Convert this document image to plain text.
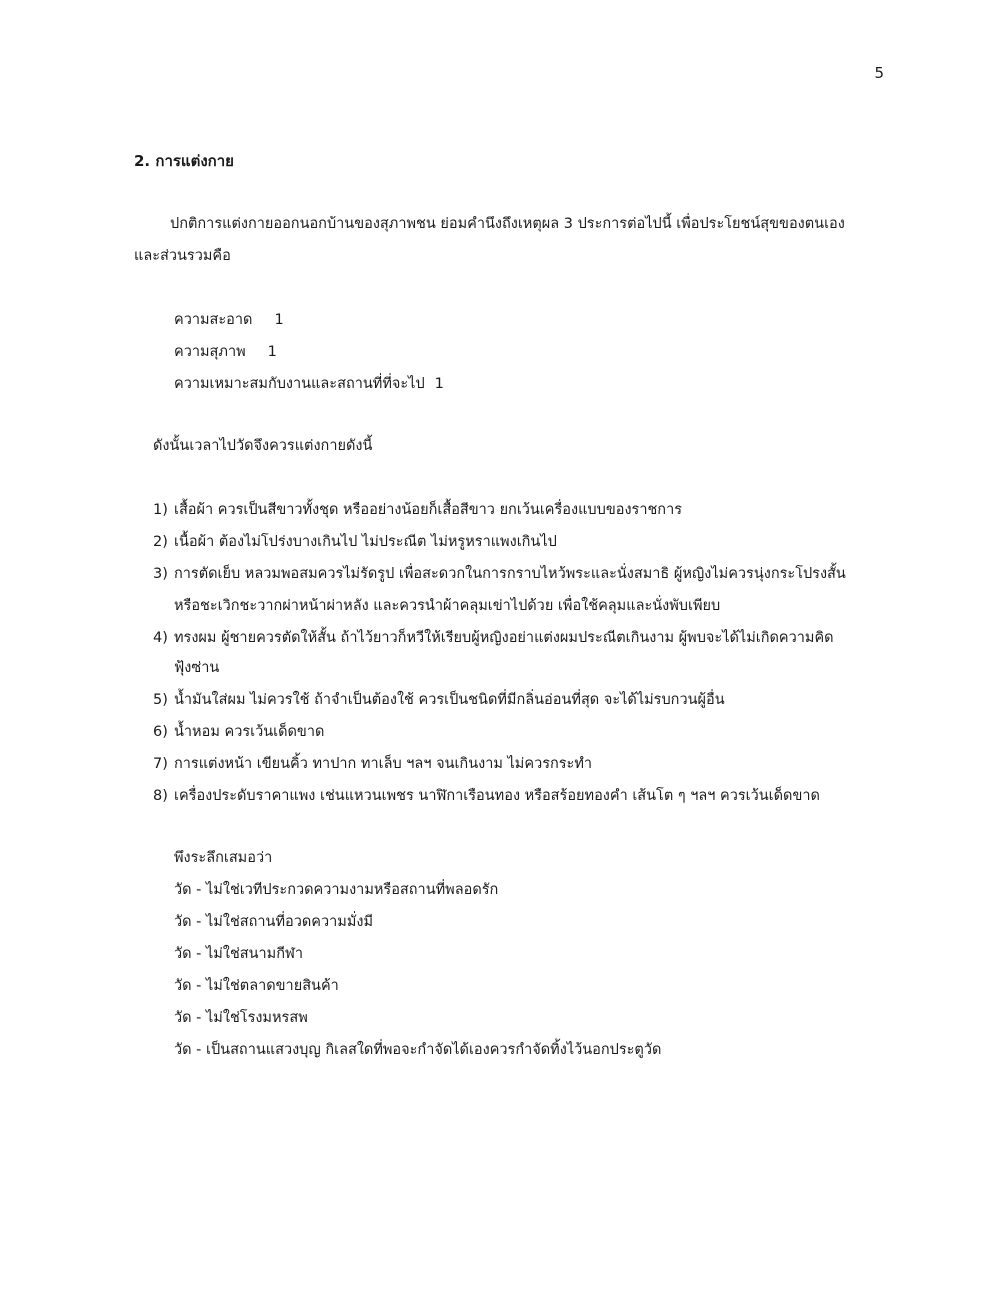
5
2. การแต่งกาย
ปกติการแต่งกายออกนอกบ้านของสุภาพชน ย่อมคำนึงถึงเหตุผล 3 ประการต่อไปนี้ เพื่อประโยชน์สุขของตนเอง
และส่วนรวมคือ
ความสะอาด 1
ความสุภาพ 1
ความเหมาะสมกับงานและสถานที่ที่จะไป 1
ดังนั้นเวลาไปวัดจึงควรแต่งกายดังนี้
1) เสื้อผ้า ควรเป็นสีขาวทั้งชุด หรืออย่างน้อยก็เสื้อสีขาว ยกเว้นเครื่องแบบของราชการ
2) เนื้อผ้า ต้องไม่โปร่งบางเกินไป ไม่ประณีต ไม่หรูหราแพงเกินไป
3) การตัดเย็บ หลวมพอสมควรไม่รัดรูป เพื่อสะดวกในการกราบไหว้พระและนั่งสมาธิ ผู้หญิงไม่ควรนุ่งกระโปรงสั้น
หรือชะเวิกชะวากผ่าหน้าผ่าหลัง และควรนำผ้าคลุมเข่าไปด้วย เพื่อใช้คลุมและนั่งพับเพียบ
4) ทรงผม ผู้ชายควรตัดให้สั้น ถ้าไว้ยาวก็หวีให้เรียบผู้หญิงอย่าแต่งผมประณีตเกินงาม ผู้พบจะได้ไม่เกิดความคิด
ฟุ้งซ่าน
5) น้ำมันใส่ผม ไม่ควรใช้ ถ้าจำเป็นต้องใช้ ควรเป็นชนิดที่มีกลิ่นอ่อนที่สุด จะได้ไม่รบกวนผู้อื่น
6) น้ำหอม ควรเว้นเด็ดขาด
7) การแต่งหน้า เขียนคิ้ว ทาปาก ทาเล็บ ฯลฯ จนเกินงาม ไม่ควรกระทำ
8) เครื่องประดับราคาแพง เช่นแหวนเพชร นาฬิกาเรือนทอง หรือสร้อยทองคำ เส้นโต ๆ ฯลฯ ควรเว้นเด็ดขาด
พึงระลึกเสมอว่า
วัด - ไม่ใช่เวทีประกวดความงามหรือสถานที่พลอดรัก
วัด - ไม่ใช่สถานที่อวดความมั่งมี
วัด - ไม่ใช่สนามกีฬา
วัด - ไม่ใช่ตลาดขายสินค้า
วัด - ไม่ใช่โรงมหรสพ
วัด - เป็นสถานแสวงบุญ กิเลสใดที่พอจะกำจัดได้เองควรกำจัดทิ้งไว้นอกประตูวัด
